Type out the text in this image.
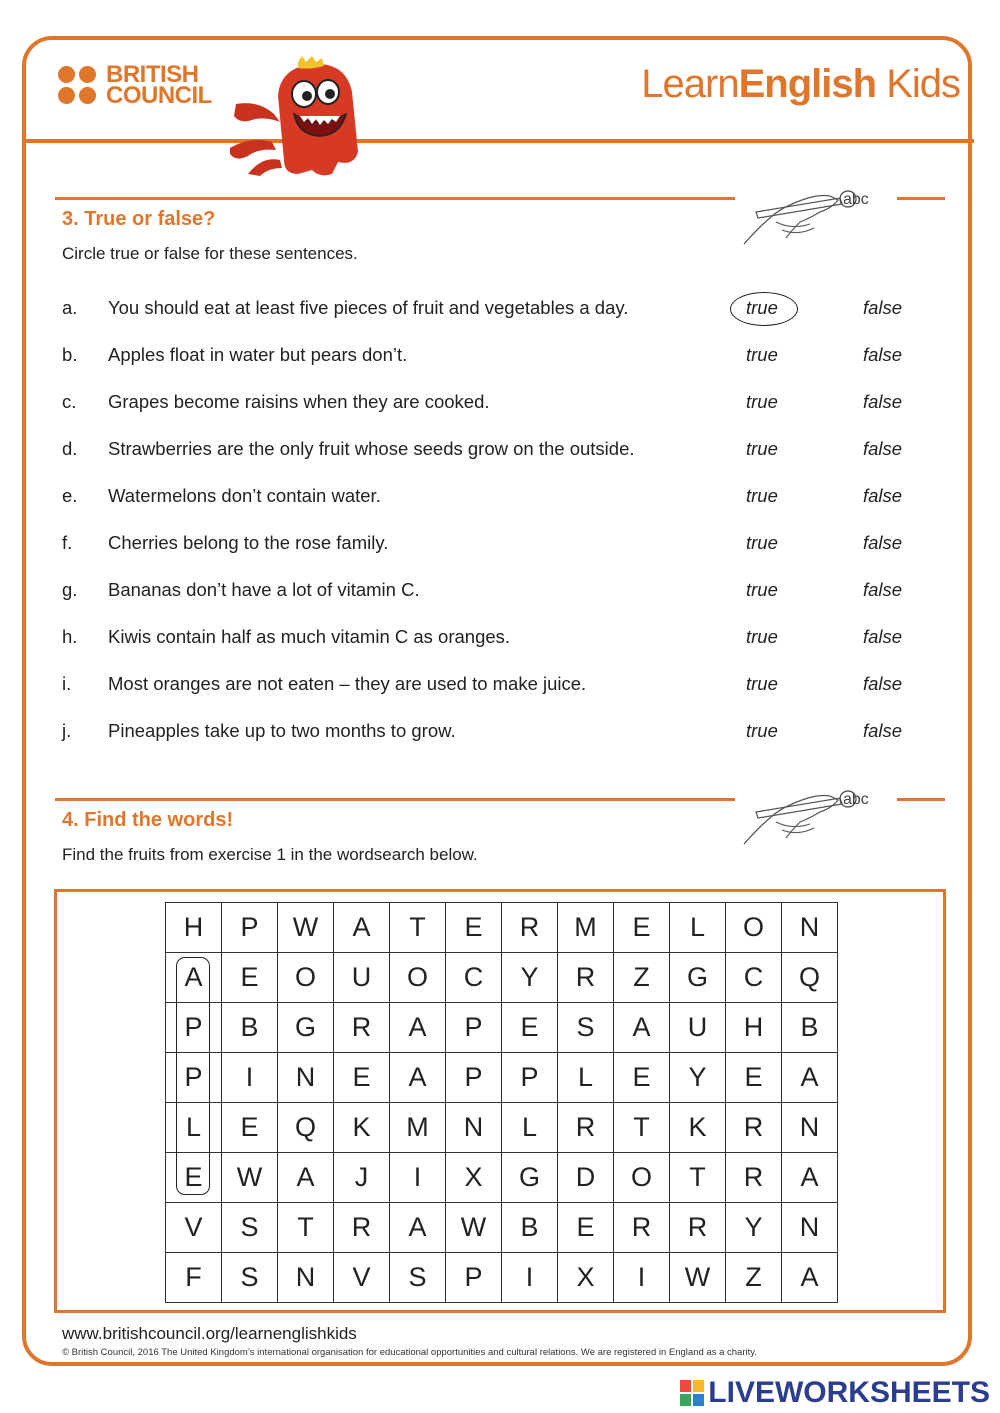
BRITISH
COUNCIL	LearnEnglish Kids
abc
3. True or false?
Circle true or false for these sentences.
a. You should eat at least five pieces of fruit and vegetables a day.	true	false
b. Apples float in water but pears don’t.	true	false
c. Grapes become raisins when they are cooked.	true	false
d. Strawberries are the only fruit whose seeds grow on the outside.	true	false
e. Watermelons don’t contain water.	true	false
f. Cherries belong to the rose family.	true	false
g. Bananas don’t have a lot of vitamin C.	true	false
h. Kiwis contain half as much vitamin C as oranges.	true	false
i. Most oranges are not eaten – they are used to make juice.	true	false
j. Pineapples take up to two months to grow.	true	false
abc
4. Find the words!
Find the fruits from exercise 1 in the wordsearch below.
H	P	W	A	T	E	R	M	E	L	O	N
A	E	O	U	O	C	Y	R	Z	G	C	Q
P	B	G	R	A	P	E	S	A	U	H	B
P	I	N	E	A	P	P	L	E	Y	E	A
L	E	Q	K	M	N	L	R	T	K	R	N
E	W	A	J	I	X	G	D	O	T	R	A
V	S	T	R	A	W	B	E	R	R	Y	N
F	S	N	V	S	P	I	X	I	W	Z	A
www.britishcouncil.org/learnenglishkids
© British Council, 2016 The United Kingdom’s international organisation for educational opportunities and cultural relations. We are registered in England as a charity.
LIVEWORKSHEETS
